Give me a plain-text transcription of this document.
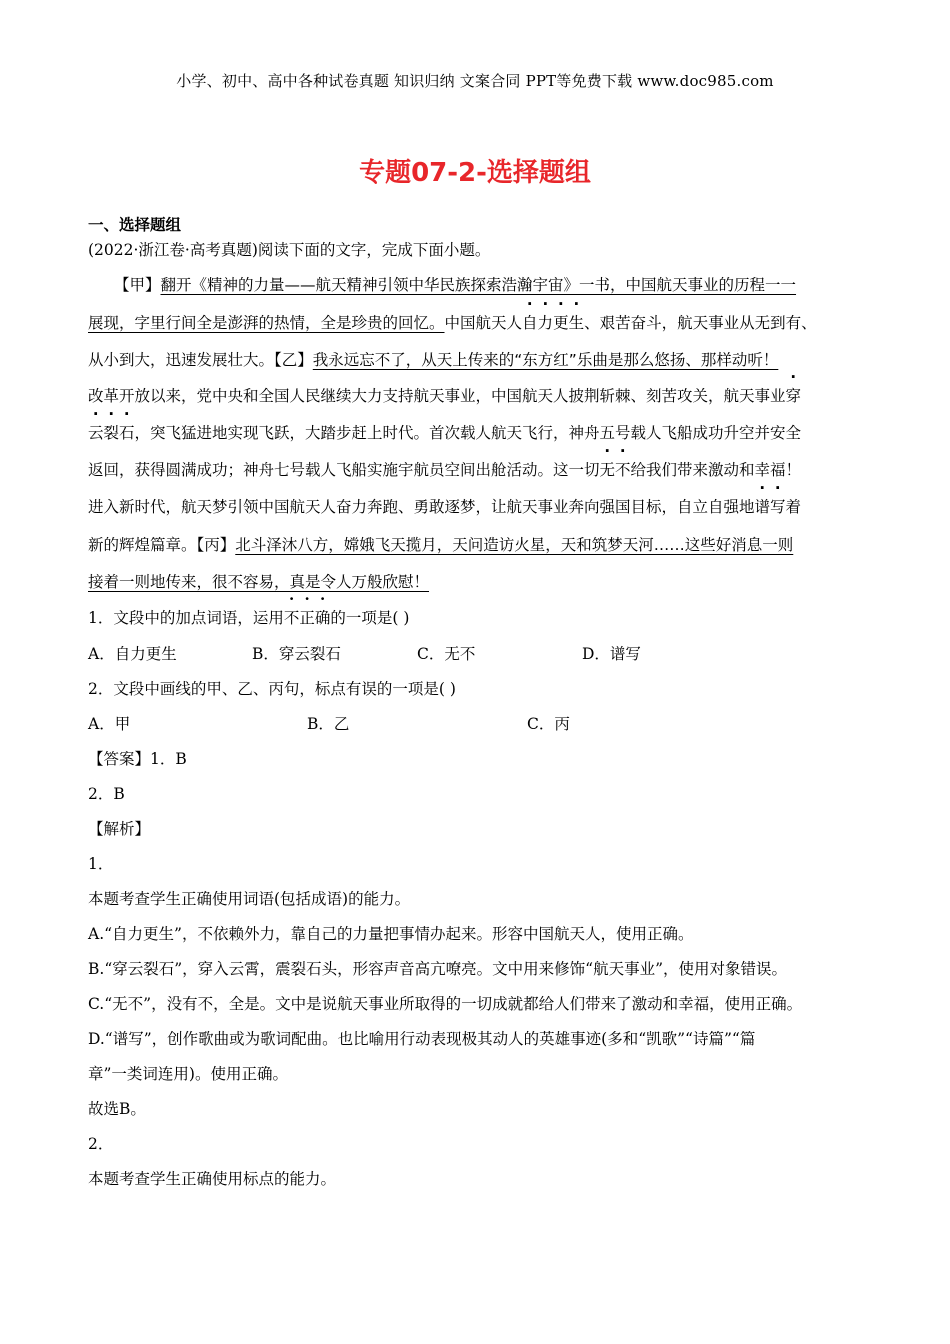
小学、初中、高中各种试卷真题 知识归纳 文案合同 PPT等免费下载 www.doc985.com
专题07-2-选择题组
一、选择题组
(2022·浙江卷·高考真题)阅读下面的文字，完成下面小题。
【甲】翻开《精神的力量——航天精神引领中华民族探索浩瀚宇宙》一书，中国航天事业的历程一一
展现，字里行间全是澎湃的热情，全是珍贵的回忆。中国航天人自力更生、艰苦奋斗，航天事业从无到有、
从小到大，迅速发展壮大。【乙】我永远忘不了，从天上传来的“东方红”乐曲是那么悠扬、那样动听！
改革开放以来，党中央和全国人民继续大力支持航天事业，中国航天人披荆斩棘、刻苦攻关，航天事业穿
云裂石，突飞猛进地实现飞跃，大踏步赶上时代。首次载人航天飞行，神舟五号载人飞船成功升空并安全
返回，获得圆满成功；神舟七号载人飞船实施宇航员空间出舱活动。这一切无不给我们带来激动和幸福！
进入新时代，航天梦引领中国航天人奋力奔跑、勇敢逐梦，让航天事业奔向强国目标，自立自强地谱写着
新的辉煌篇章。【丙】北斗泽沐八方，嫦娥飞天揽月，天问造访火星，天和筑梦天河……这些好消息一则
接着一则地传来，很不容易，真是令人万般欣慰！
1．文段中的加点词语，运用不正确的一项是( )
A．自力更生	B．穿云裂石	C．无不	D．谱写
2．文段中画线的甲、乙、丙句，标点有误的一项是( )
A．甲	B．乙	C．丙
【答案】1．B
2．B
【解析】
1．
本题考查学生正确使用词语(包括成语)的能力。
A.“自力更生”，不依赖外力，靠自己的力量把事情办起来。形容中国航天人，使用正确。
B.“穿云裂石”，穿入云霄，震裂石头，形容声音高亢嘹亮。文中用来修饰“航天事业”，使用对象错误。
C.“无不”，没有不，全是。文中是说航天事业所取得的一切成就都给人们带来了激动和幸福，使用正确。
D.“谱写”，创作歌曲或为歌词配曲。也比喻用行动表现极其动人的英雄事迹(多和“凯歌”“诗篇”“篇
章”一类词连用)。使用正确。
故选B。
2．
本题考查学生正确使用标点的能力。
